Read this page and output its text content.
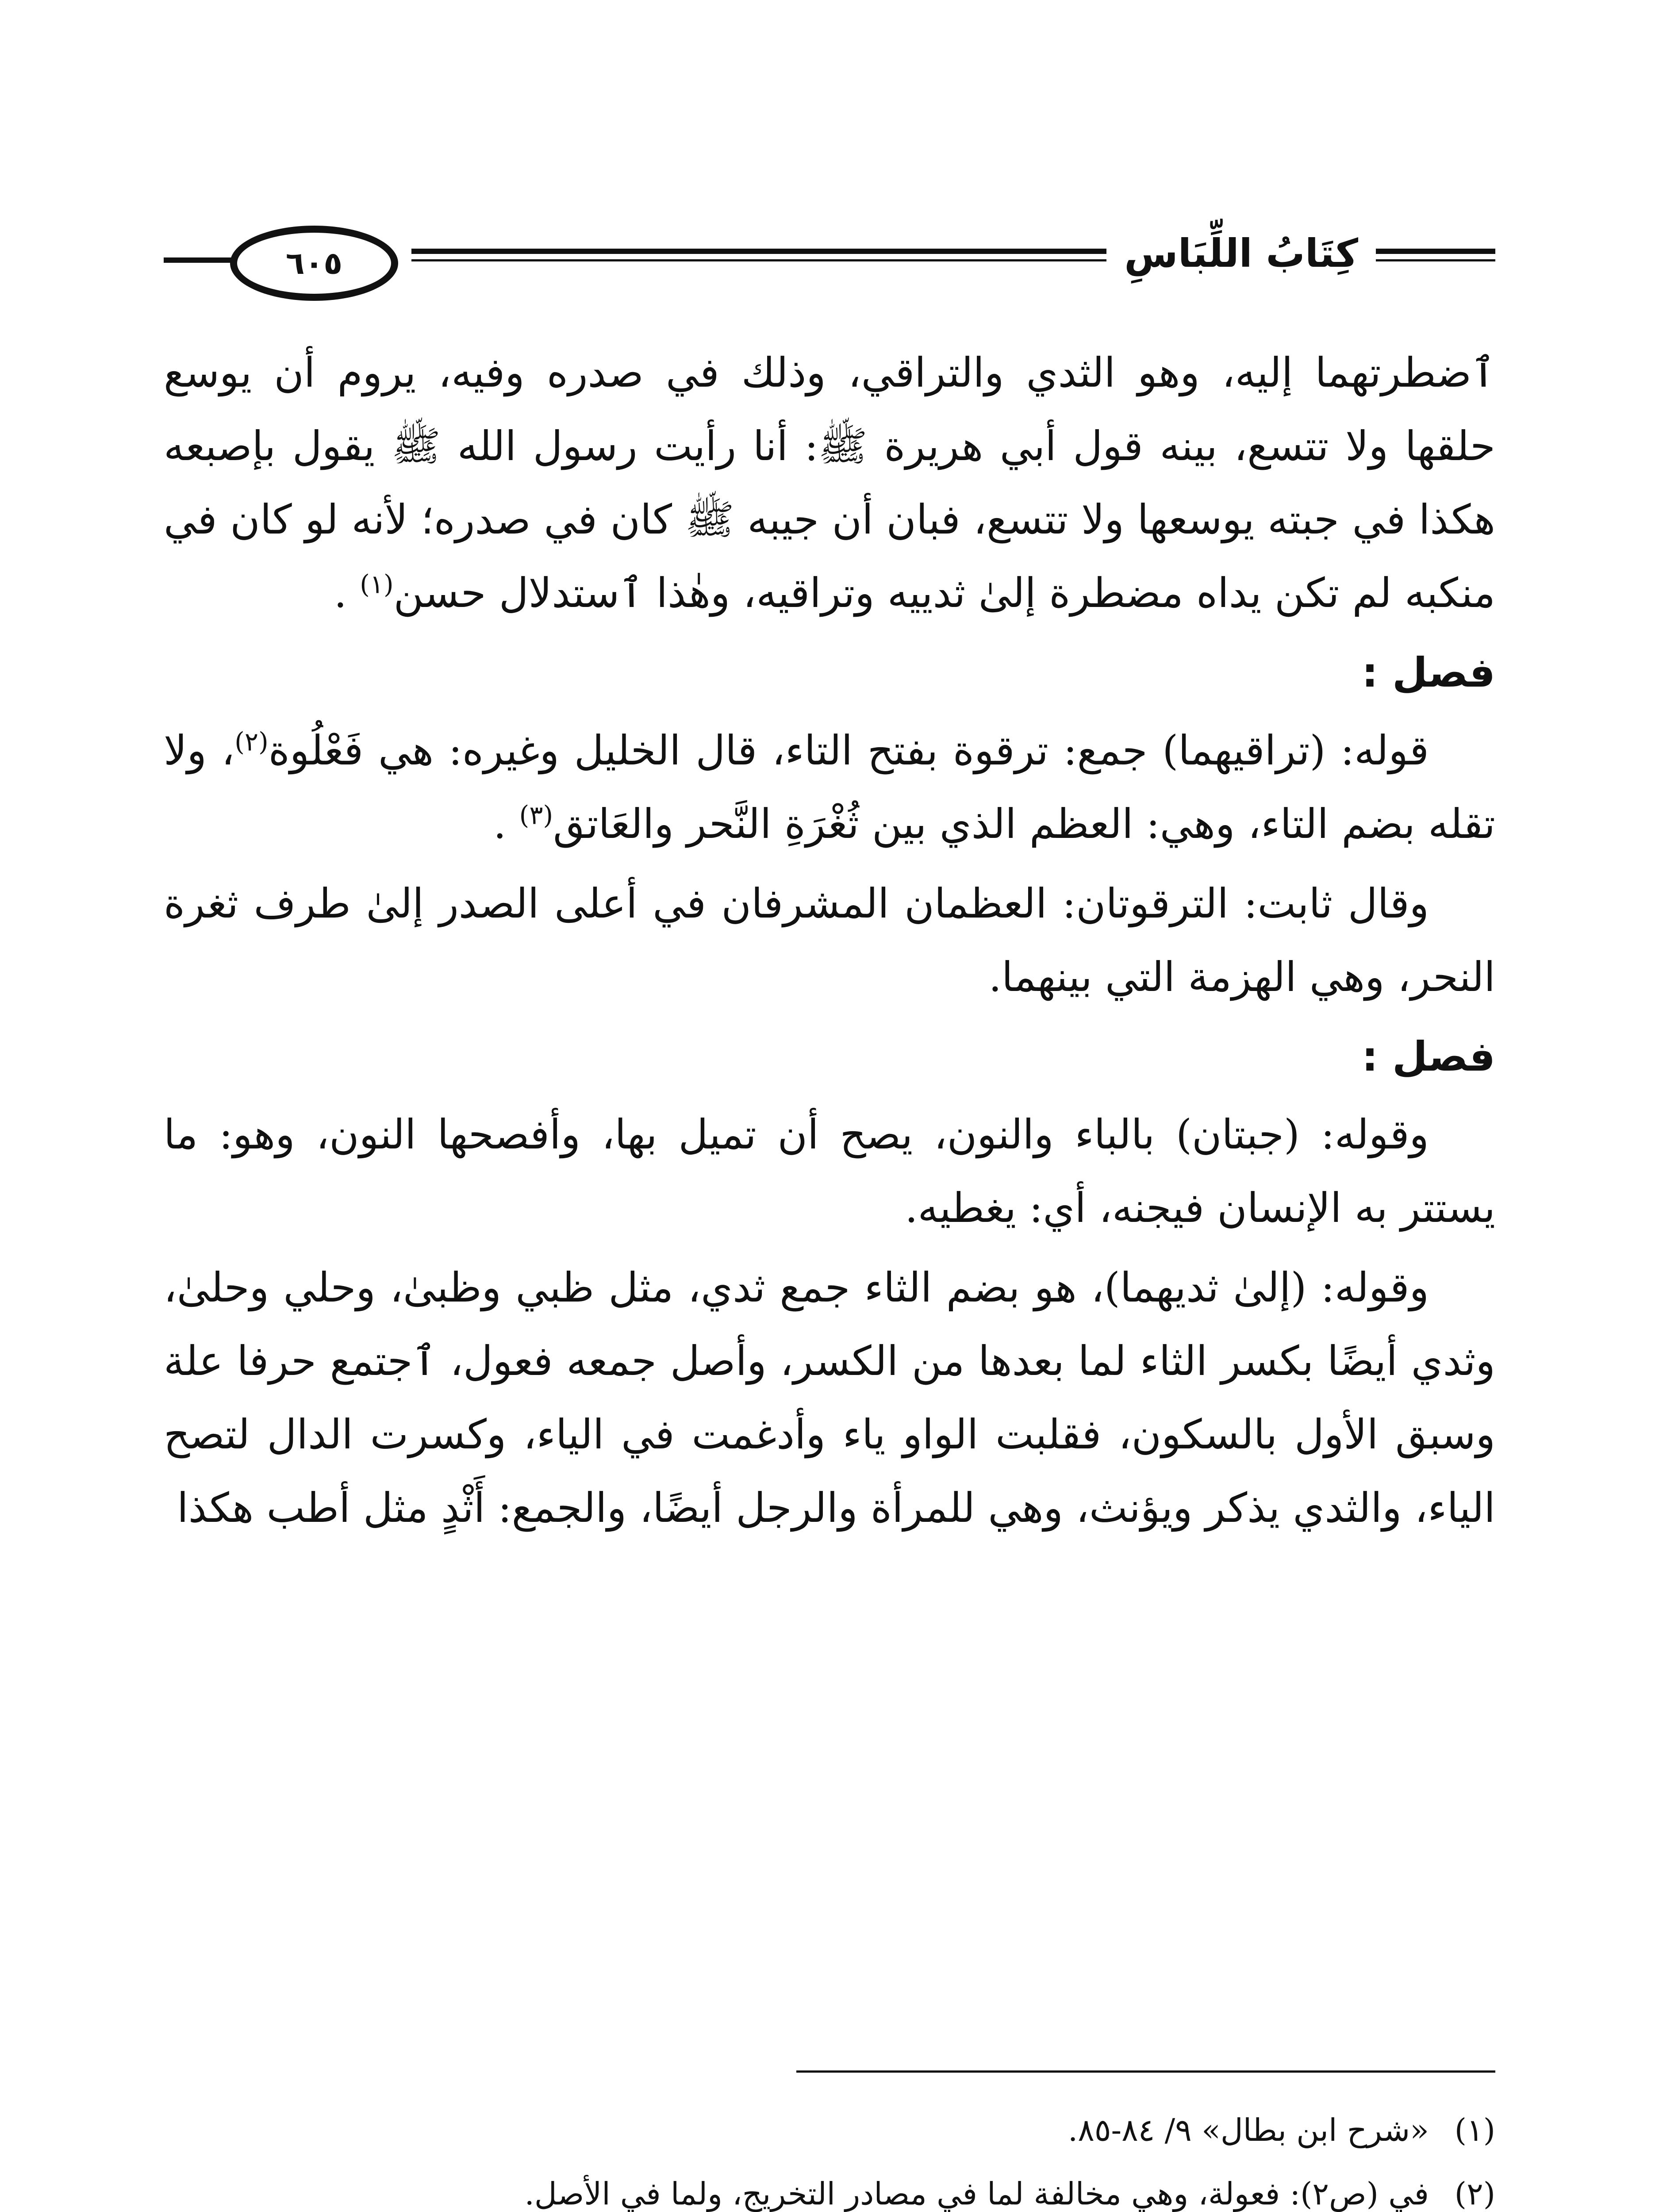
٦٠٥	كِتَابُ اللِّبَاسِ

ٱضطرتهما إليه، وهو الثدي والتراقي، وذلك في صدره وفيه، يروم أن يوسع حلقها ولا تتسع، بينه قول أبي هريرة ﷺ: أنا رأيت رسول الله ﷺ يقول بإصبعه هكذا في جبته يوسعها ولا تتسع، فبان أن جيبه ﷺ كان في صدره؛ لأنه لو كان في منكبه لم تكن يداه مضطرة إلىٰ ثدييه وتراقيه، وهٰذا ٱستدلال حسن$^{(١)}$ .

فصل :

قوله: (تراقيهما) جمع: ترقوة بفتح التاء، قال الخليل وغيره: هي فَعْلُوة$^{(٢)}$، ولا تقله بضم التاء، وهي: العظم الذي بين ثُغْرَةِ النَّحر والعَاتق$^{(٣)}$ .

وقال ثابت: الترقوتان: العظمان المشرفان في أعلى الصدر إلىٰ طرف ثغرة النحر، وهي الهزمة التي بينهما.

فصل :

وقوله: (جبتان) بالباء والنون، يصح أن تميل بها، وأفصحها النون، وهو: ما يستتر به الإنسان فيجنه، أي: يغطيه.

وقوله: (إلىٰ ثديهما)، هو بضم الثاء جمع ثدي، مثل ظبي وظبىٰ، وحلي وحلىٰ، وثدي أيضًا بكسر الثاء لما بعدها من الكسر، وأصل جمعه فعول، ٱجتمع حرفا علة وسبق الأول بالسكون، فقلبت الواو ياء وأدغمت في الياء، وكسرت الدال لتصح الياء، والثدي يذكر ويؤنث، وهي للمرأة والرجل أيضًا، والجمع: أَثْدٍ مثل أطب هكذا

(١)
«شرح ابن بطال» ٩/ ٨٤-٨٥.
(٢)
في (ص٢): فعولة، وهي مخالفة لما في مصادر التخريج، ولما في الأصل.
